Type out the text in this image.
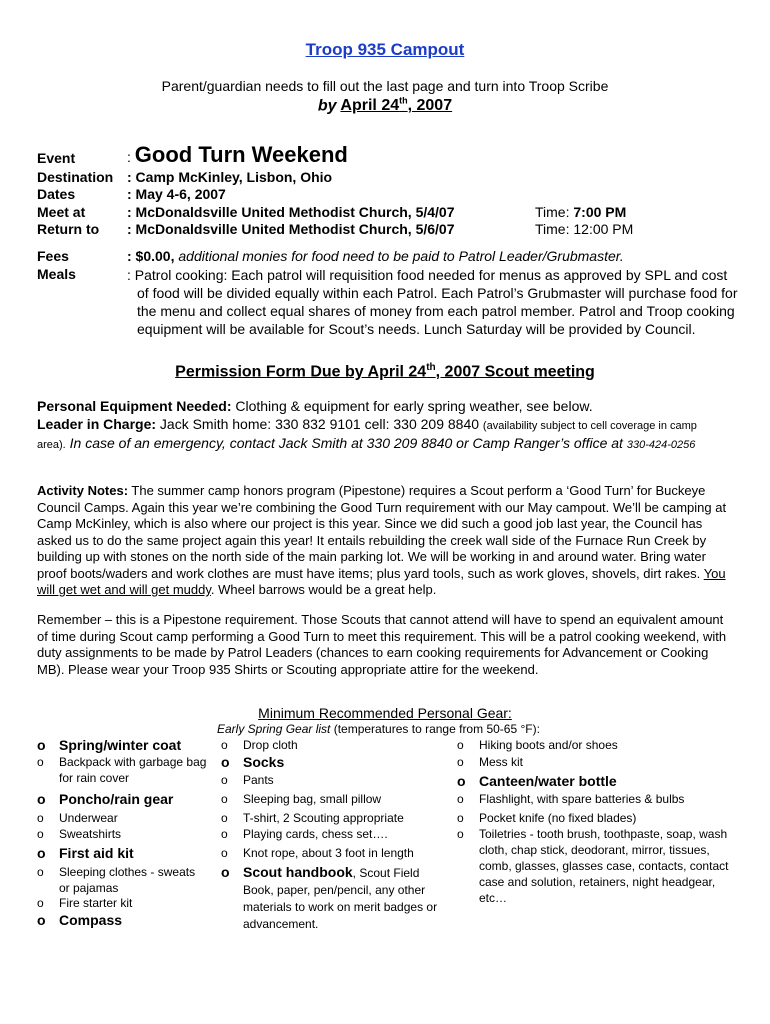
Troop 935 Campout
Parent/guardian needs to fill out the last page and turn into Troop Scribe
by April 24th, 2007
Event	: Good Turn Weekend
Destination : Camp McKinley, Lisbon, Ohio
Dates	: May 4-6, 2007
Meet at	: McDonaldsville United Methodist Church, 5/4/07	Time: 7:00 PM
Return to : McDonaldsville United Methodist Church, 5/6/07	Time: 12:00 PM
Fees	: $0.00, additional monies for food need to be paid to Patrol Leader/Grubmaster.
Meals	: Patrol cooking: Each patrol will requisition food needed for menus as approved by SPL and cost of food will be divided equally within each Patrol. Each Patrol’s Grubmaster will purchase food for the menu and collect equal shares of money from each patrol member. Patrol and Troop cooking equipment will be available for Scout’s needs. Lunch Saturday will be provided by Council.
Permission Form Due by April 24th, 2007 Scout meeting
Personal Equipment Needed: Clothing & equipment for early spring weather, see below.
Leader in Charge: Jack Smith home: 330 832 9101 cell: 330 209 8840 (availability subject to cell coverage in camp area). In case of an emergency, contact Jack Smith at 330 209 8840 or Camp Ranger’s office at 330-424-0256
Activity Notes: The summer camp honors program (Pipestone) requires a Scout perform a ‘Good Turn’ for Buckeye Council Camps. Again this year we’re combining the Good Turn requirement with our May campout. We’ll be camping at Camp McKinley, which is also where our project is this year. Since we did such a good job last year, the Council has asked us to do the same project again this year! It entails rebuilding the creek wall side of the Furnace Run Creek by building up with stones on the north side of the main parking lot. We will be working in and around water. Bring water proof boots/waders and work clothes are must have items; plus yard tools, such as work gloves, shovels, dirt rakes. You will get wet and will get muddy. Wheel barrows would be a great help.
Remember – this is a Pipestone requirement. Those Scouts that cannot attend will have to spend an equivalent amount of time during Scout camp performing a Good Turn to meet this requirement. This will be a patrol cooking weekend, with duty assignments to be made by Patrol Leaders (chances to earn cooking requirements for Advancement or Cooking MB). Please wear your Troop 935 Shirts or Scouting appropriate attire for the weekend.
Minimum Recommended Personal Gear:
Early Spring Gear list (temperatures to range from 50-65 °F):
o Spring/winter coat
o Backpack with garbage bag for rain cover
o Poncho/rain gear
o Underwear
o Sweatshirts
o First aid kit
o Sleeping clothes - sweats or pajamas
o Fire starter kit
o Compass
o Drop cloth
o Socks
o Pants
o Sleeping bag, small pillow
o T-shirt, 2 Scouting appropriate
o Playing cards, chess set….
o Knot rope, about 3 foot in length
o Scout handbook, Scout Field Book, paper, pen/pencil, any other materials to work on merit badges or advancement.
o Hiking boots and/or shoes
o Mess kit
o Canteen/water bottle
o Flashlight, with spare batteries & bulbs
o Pocket knife (no fixed blades)
o Toiletries - tooth brush, toothpaste, soap, wash cloth, chap stick, deodorant, mirror, tissues, comb, glasses, glasses case, contacts, contact case and solution, retainers, night headgear, etc…
